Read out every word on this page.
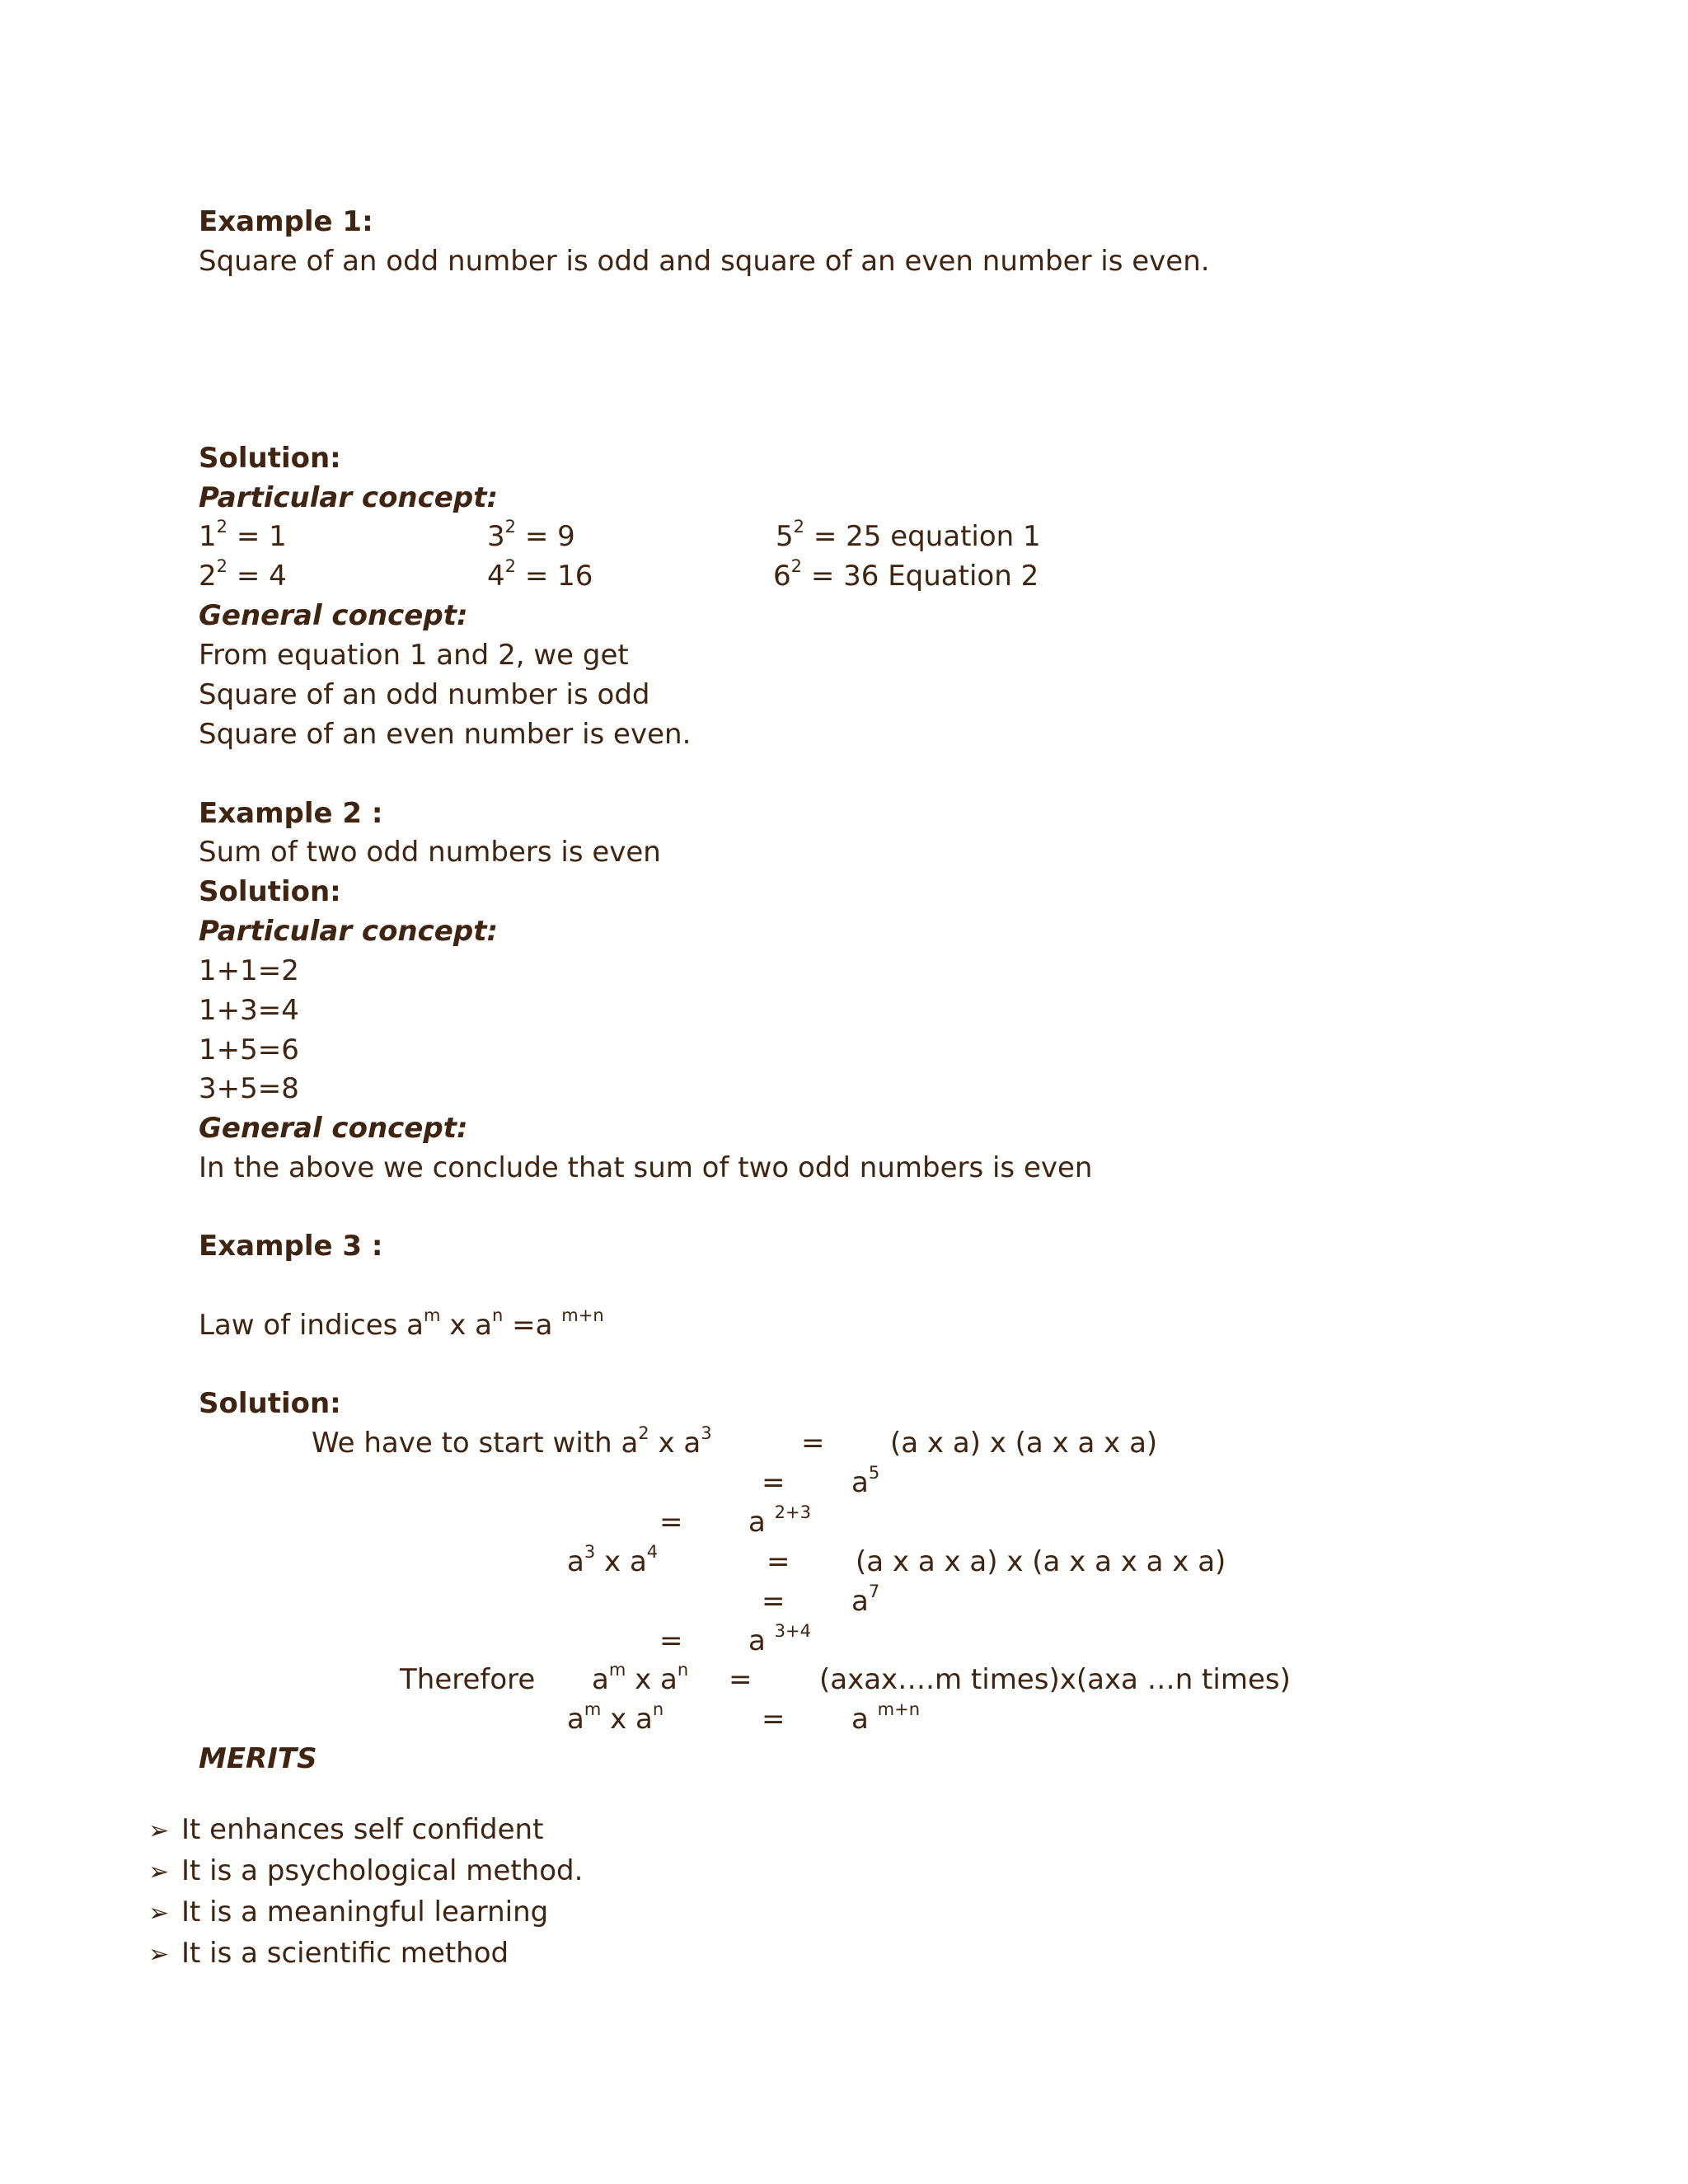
Example 1:

Square of an odd number is odd and square of an even number is even.

Solution:

Particular concept:

$1^2 = 1$	$3^2 = 9$	$5^2 = 25$ equation 1

$2^2 = 4$	$4^2 = 16$	$6^2 = 36$ Equation 2

General concept:

From equation 1 and 2, we get

Square of an odd number is odd

Square of an even number is even.

Example 2 :

Sum of two odd numbers is even

Solution:

Particular concept:

1+1=2

1+3=4

1+5=6

3+5=8

General concept:

In the above we conclude that sum of two odd numbers is even

Example 3 :

Law of indices $a^m$ x $a^n =a$ $^{m+n}$

Solution:

We have to start with $a^2$ x $a^3$	= (a x a) x (a x a x a)

= $a^5$

= a $^{2+3}$

$a^3$ x $a^4$	= (a x a x a) x (a x a x a x a)

= $a^7$

= a $^{3+4}$

Therefore $a^m$ x $a^n$ = (axax….m times)x(axa …n times)

$a^m$ x $a^n$	= a $^{m+n}$

MERITS

➢ It enhances self confident
➢ It is a psychological method.
➢ It is a meaningful learning
➢ It is a scientific method
